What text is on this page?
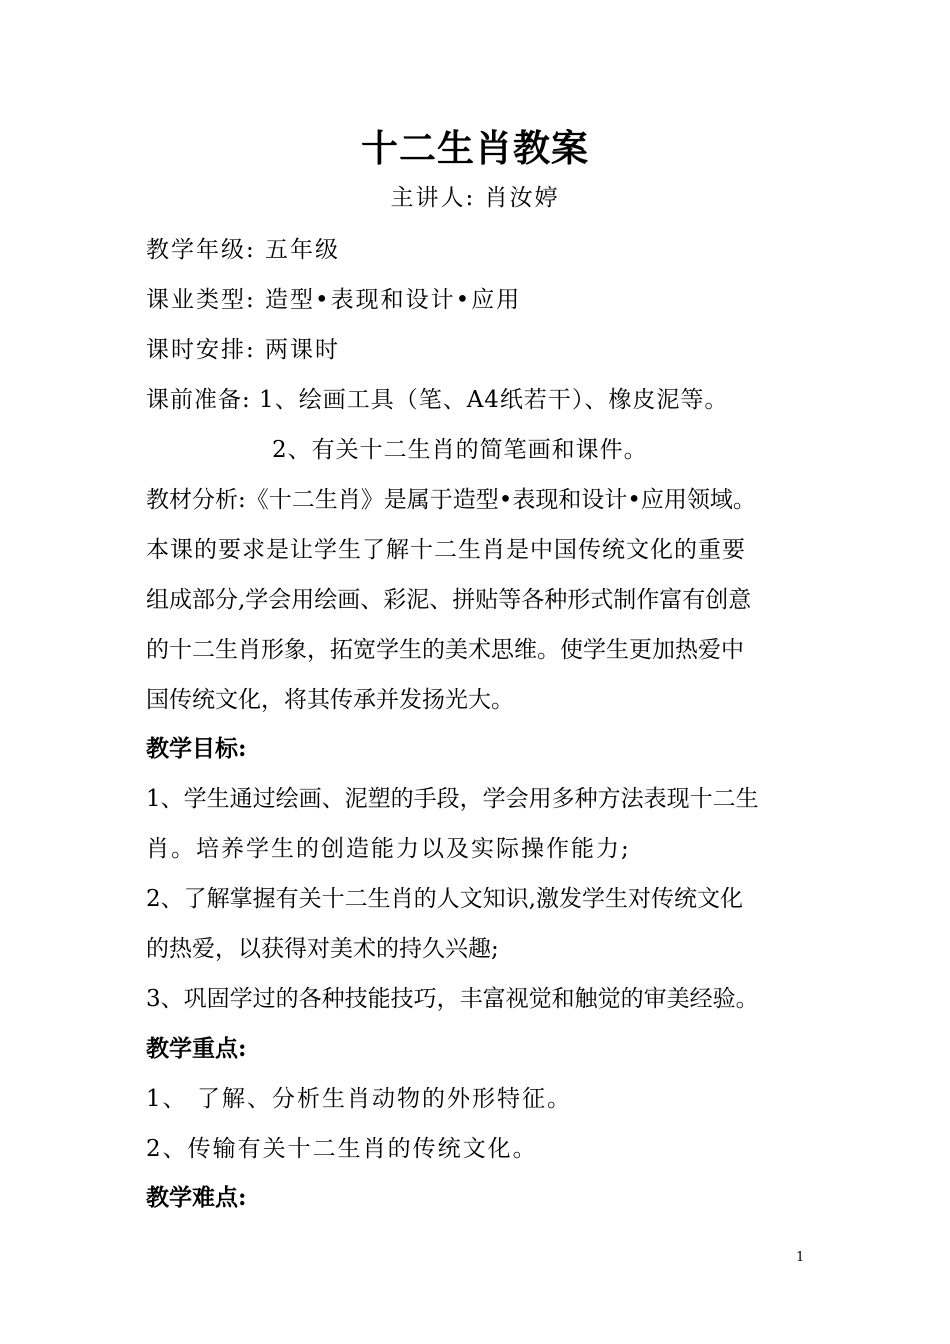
十二生肖教案
主讲人: 肖汝婷
教学年级: 五年级
课业类型: 造型•表现和设计•应用
课时安排: 两课时
课前准备: 1、绘画工具（笔、A4纸若干）、橡皮泥等。
2、有关十二生肖的简笔画和课件。
教材分析:《十二生肖》是属于造型•表现和设计•应用领域。
本课的要求是让学生了解十二生肖是中国传统文化的重要
组成部分,学会用绘画、彩泥、拼贴等各种形式制作富有创意
的十二生肖形象，拓宽学生的美术思维。使学生更加热爱中
国传统文化，将其传承并发扬光大。
教学目标:
1、学生通过绘画、泥塑的手段，学会用多种方法表现十二生
肖。培养学生的创造能力以及实际操作能力;
2、了解掌握有关十二生肖的人文知识,激发学生对传统文化
的热爱，以获得对美术的持久兴趣;
3、巩固学过的各种技能技巧，丰富视觉和触觉的审美经验。
教学重点:
1、 了解、分析生肖动物的外形特征。
2、传输有关十二生肖的传统文化。
教学难点:
1
